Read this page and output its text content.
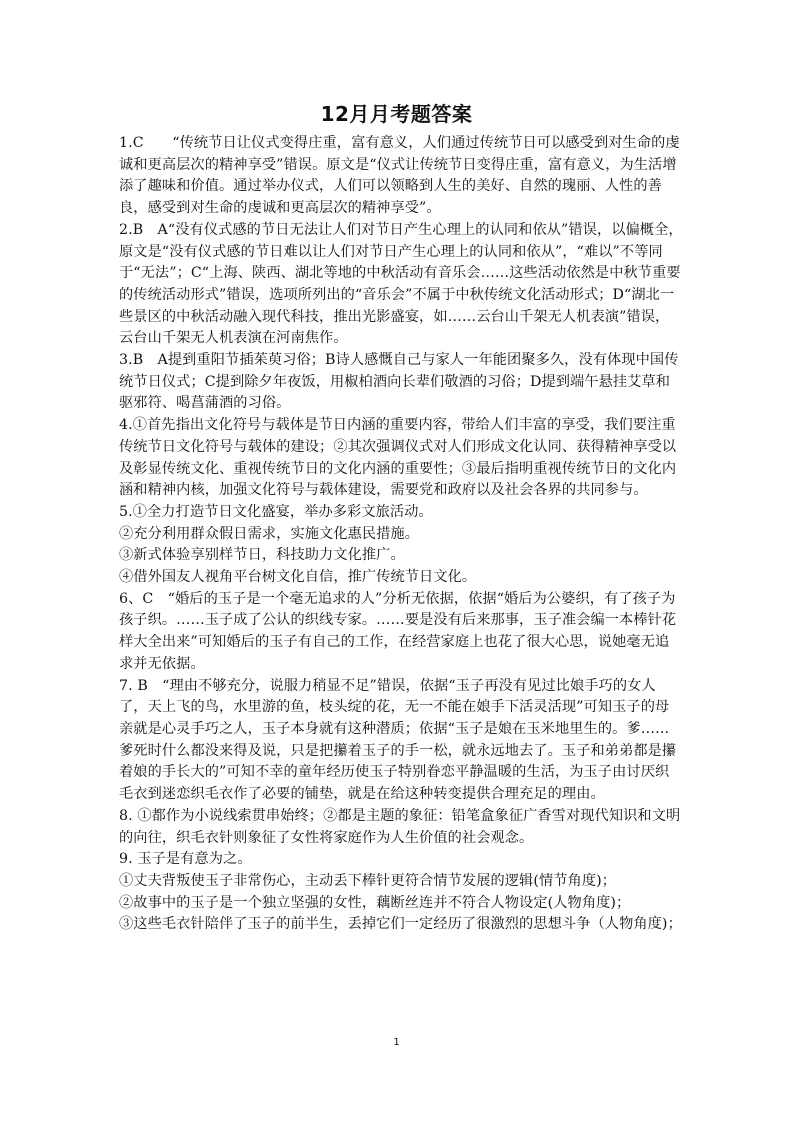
12月月考题答案

1.C　　“传统节日让仪式变得庄重，富有意义，人们通过传统节日可以感受到对生命的虔诚和更高层次的精神享受”错误。原文是“仪式让传统节日变得庄重，富有意义，为生活增添了趣味和价值。通过举办仪式，人们可以领略到人生的美好、自然的瑰丽、人性的善良，感受到对生命的虔诚和更高层次的精神享受”。

2.B　A“没有仪式感的节日无法让人们对节日产生心理上的认同和依从”错误，以偏概全，原文是“没有仪式感的节日难以让人们对节日产生心理上的认同和依从”，“难以”不等同于“无法”；C“上海、陕西、湖北等地的中秋活动有音乐会……这些活动依然是中秋节重要的传统活动形式”错误，选项所列出的“音乐会”不属于中秋传统文化活动形式；D“湖北一些景区的中秋活动融入现代科技，推出光影盛宴，如……云台山千架无人机表演”错误，云台山千架无人机表演在河南焦作。

3.B　A提到重阳节插茱萸习俗；B诗人感慨自己与家人一年能团聚多久，没有体现中国传统节日仪式；C提到除夕年夜饭，用椒柏酒向长辈们敬酒的习俗；D提到端午悬挂艾草和驱邪符、喝菖蒲酒的习俗。

4.①首先指出文化符号与载体是节日内涵的重要内容，带给人们丰富的享受，我们要注重传统节日文化符号与载体的建设；②其次强调仪式对人们形成文化认同、获得精神享受以及彰显传统文化、重视传统节日的文化内涵的重要性；③最后指明重视传统节日的文化内涵和精神内核，加强文化符号与载体建设，需要党和政府以及社会各界的共同参与。

5.①全力打造节日文化盛宴，举办多彩文旅活动。

②充分利用群众假日需求，实施文化惠民措施。

③新式体验享别样节日，科技助力文化推广。

④借外国友人视角平台树文化自信，推广传统节日文化。

6、C　“婚后的玉子是一个毫无追求的人”分析无依据，依据“婚后为公婆织，有了孩子为孩子织。……玉子成了公认的织线专家。……要是没有后来那事，玉子准会编一本棒针花样大全出来”可知婚后的玉子有自己的工作，在经营家庭上也花了很大心思，说她毫无追求并无依据。

7. B　“理由不够充分，说服力稍显不足”错误，依据“玉子再没有见过比娘手巧的女人了，天上飞的鸟，水里游的鱼，枝头绽的花，无一不能在娘手下活灵活现”可知玉子的母亲就是心灵手巧之人，玉子本身就有这种潜质；依据“玉子是娘在玉米地里生的。爹……爹死时什么都没来得及说，只是把攥着玉子的手一松，就永远地去了。玉子和弟弟都是攥着娘的手长大的”可知不幸的童年经历使玉子特别眷恋平静温暖的生活，为玉子由讨厌织毛衣到迷恋织毛衣作了必要的铺垫，就是在给这种转变提供合理充足的理由。

8. ①都作为小说线索贯串始终；②都是主题的象征：铅笔盒象征广香雪对现代知识和文明的向往，织毛衣针则象征了女性将家庭作为人生价值的社会观念。

9. 玉子是有意为之。

①丈夫背叛使玉子非常伤心，主动丢下棒针更符合情节发展的逻辑(情节角度)；

②故事中的玉子是一个独立坚强的女性，藕断丝连并不符合人物设定(人物角度)；

③这些毛衣针陪伴了玉子的前半生，丢掉它们一定经历了很激烈的思想斗争（人物角度)；

1
